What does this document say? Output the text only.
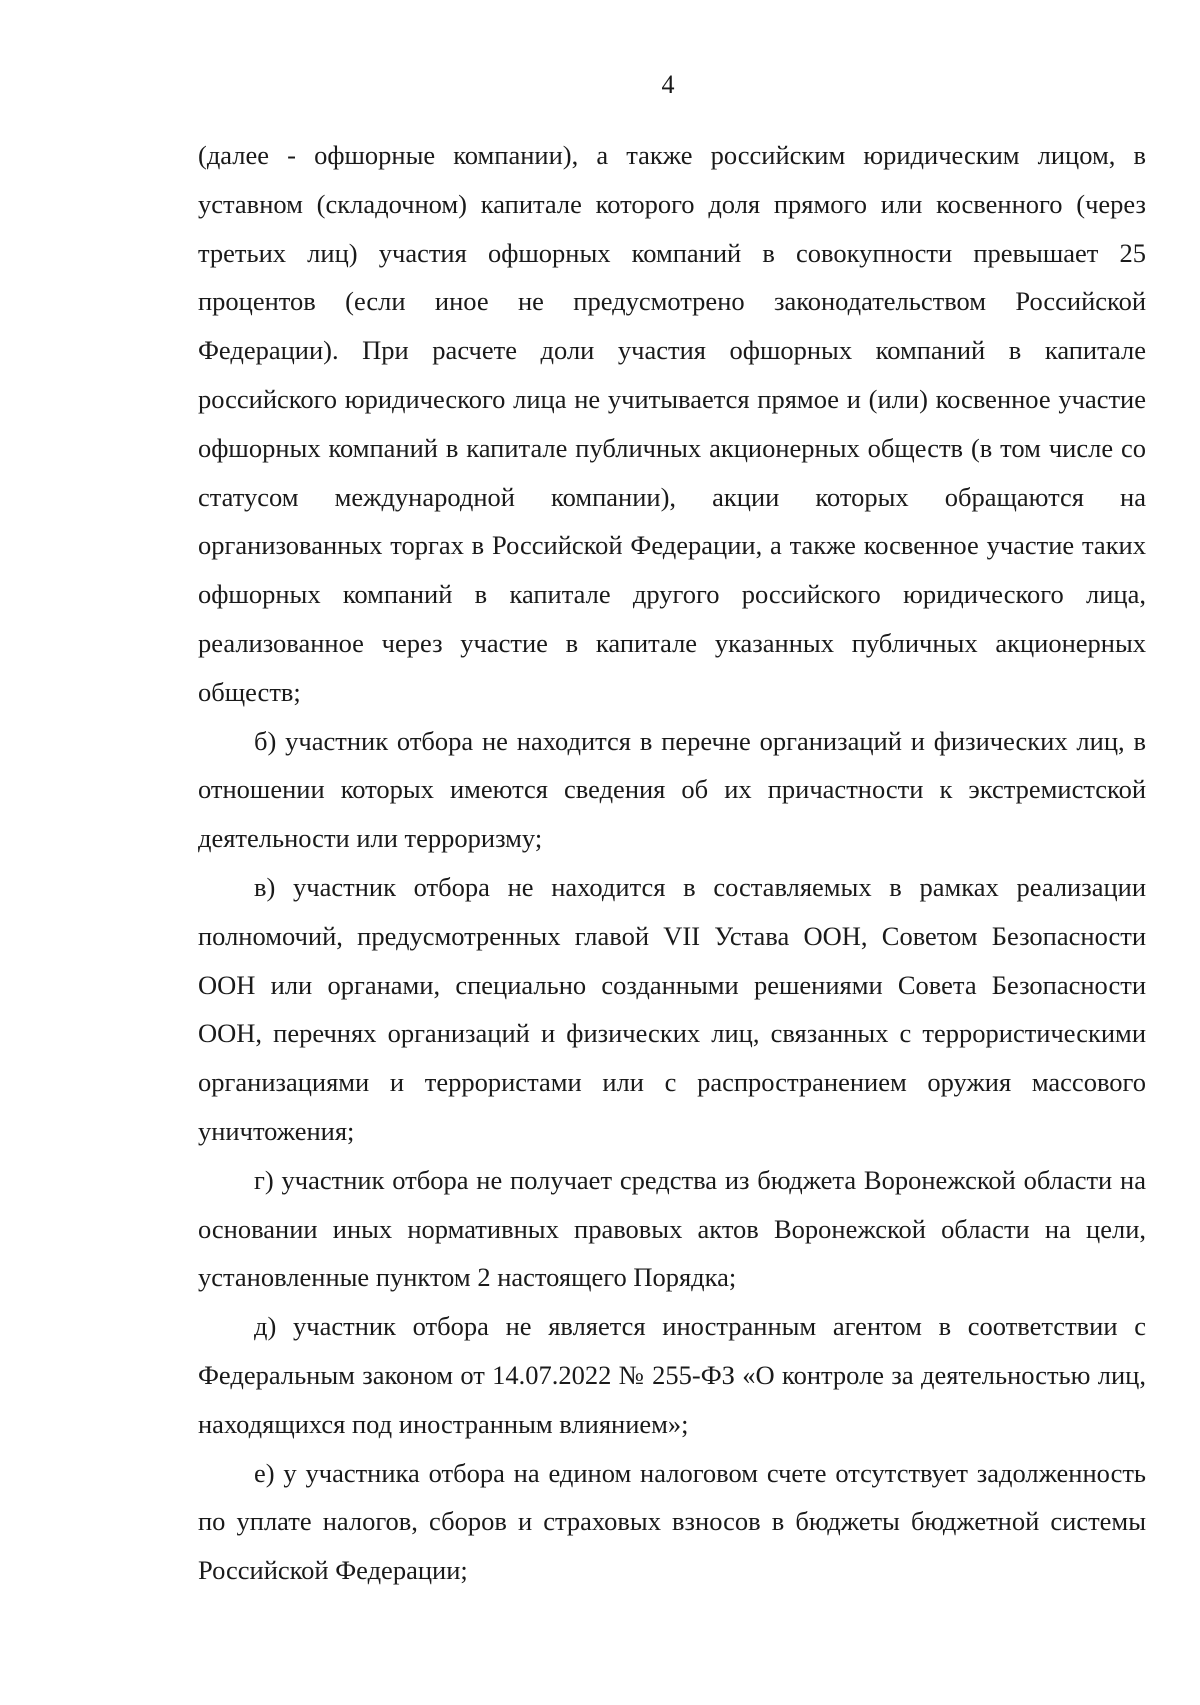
4

(далее - офшорные компании), а также российским юридическим лицом, в уставном (складочном) капитале которого доля прямого или косвенного (через третьих лиц) участия офшорных компаний в совокупности превышает 25 процентов (если иное не предусмотрено законодательством Российской Федерации). При расчете доли участия офшорных компаний в капитале российского юридического лица не учитывается прямое и (или) косвенное участие офшорных компаний в капитале публичных акционерных обществ (в том числе со статусом международной компании), акции которых обращаются на организованных торгах в Российской Федерации, а также косвенное участие таких офшорных компаний в капитале другого российского юридического лица, реализованное через участие в капитале указанных публичных акционерных обществ;

б) участник отбора не находится в перечне организаций и физических лиц, в отношении которых имеются сведения об их причастности к экстремистской деятельности или терроризму;

в) участник отбора не находится в составляемых в рамках реализации полномочий, предусмотренных главой VII Устава ООН, Советом Безопасности ООН или органами, специально созданными решениями Совета Безопасности ООН, перечнях организаций и физических лиц, связанных с террористическими организациями и террористами или с распространением оружия массового уничтожения;

г) участник отбора не получает средства из бюджета Воронежской области на основании иных нормативных правовых актов Воронежской области на цели, установленные пунктом 2 настоящего Порядка;

д) участник отбора не является иностранным агентом в соответствии с Федеральным законом от 14.07.2022 № 255-ФЗ «О контроле за деятельностью лиц, находящихся под иностранным влиянием»;

е) у участника отбора на едином налоговом счете отсутствует задолженность по уплате налогов, сборов и страховых взносов в бюджеты бюджетной системы Российской Федерации;
